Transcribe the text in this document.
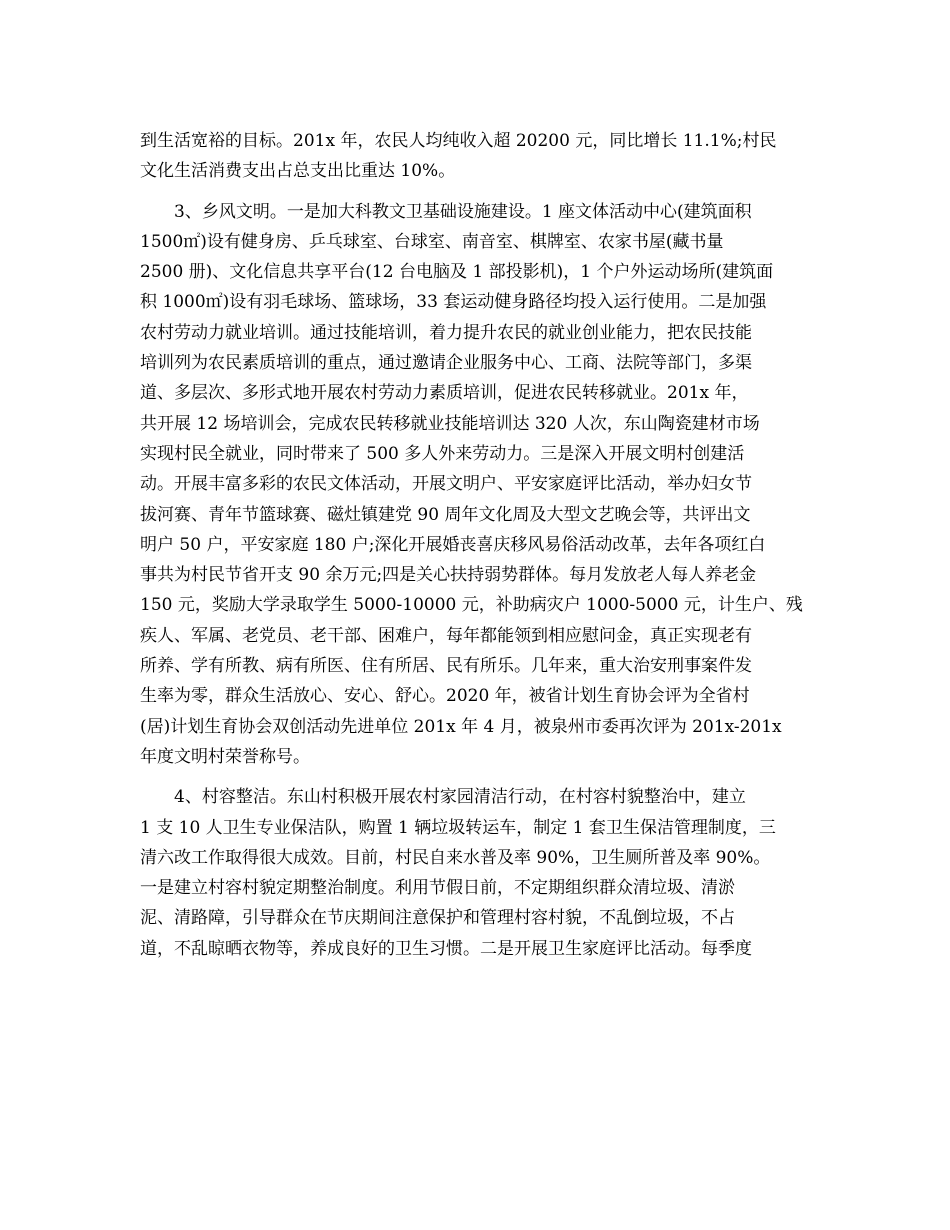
到生活宽裕的目标。201x 年，农民人均纯收入超 20200 元，同比增长 11.1%;村民
文化生活消费支出占总支出比重达 10%。
　　3、乡风文明。一是加大科教文卫基础设施建设。1 座文体活动中心(建筑面积
1500㎡)设有健身房、乒乓球室、台球室、南音室、棋牌室、农家书屋(藏书量
2500 册)、文化信息共享平台(12 台电脑及 1 部投影机)，1 个户外运动场所(建筑面
积 1000㎡)设有羽毛球场、篮球场，33 套运动健身路径均投入运行使用。二是加强
农村劳动力就业培训。通过技能培训，着力提升农民的就业创业能力，把农民技能
培训列为农民素质培训的重点，通过邀请企业服务中心、工商、法院等部门，多渠
道、多层次、多形式地开展农村劳动力素质培训，促进农民转移就业。201x 年，
共开展 12 场培训会，完成农民转移就业技能培训达 320 人次，东山陶瓷建材市场
实现村民全就业，同时带来了 500 多人外来劳动力。三是深入开展文明村创建活
动。开展丰富多彩的农民文体活动，开展文明户、平安家庭评比活动，举办妇女节
拔河赛、青年节篮球赛、磁灶镇建党 90 周年文化周及大型文艺晚会等，共评出文
明户 50 户，平安家庭 180 户;深化开展婚丧喜庆移风易俗活动改革，去年各项红白
事共为村民节省开支 90 余万元;四是关心扶持弱势群体。每月发放老人每人养老金
150 元，奖励大学录取学生 5000-10000 元，补助病灾户 1000-5000 元，计生户、残
疾人、军属、老党员、老干部、困难户，每年都能领到相应慰问金，真正实现老有
所养、学有所教、病有所医、住有所居、民有所乐。几年来，重大治安刑事案件发
生率为零，群众生活放心、安心、舒心。2020 年，被省计划生育协会评为全省村
(居)计划生育协会双创活动先进单位 201x 年 4 月，被泉州市委再次评为 201x-201x
年度文明村荣誉称号。
　　4、村容整洁。东山村积极开展农村家园清洁行动，在村容村貌整治中，建立
1 支 10 人卫生专业保洁队，购置 1 辆垃圾转运车，制定 1 套卫生保洁管理制度，三
清六改工作取得很大成效。目前，村民自来水普及率 90%，卫生厕所普及率 90%。
一是建立村容村貌定期整治制度。利用节假日前，不定期组织群众清垃圾、清淤
泥、清路障，引导群众在节庆期间注意保护和管理村容村貌，不乱倒垃圾，不占
道，不乱晾晒衣物等，养成良好的卫生习惯。二是开展卫生家庭评比活动。每季度
